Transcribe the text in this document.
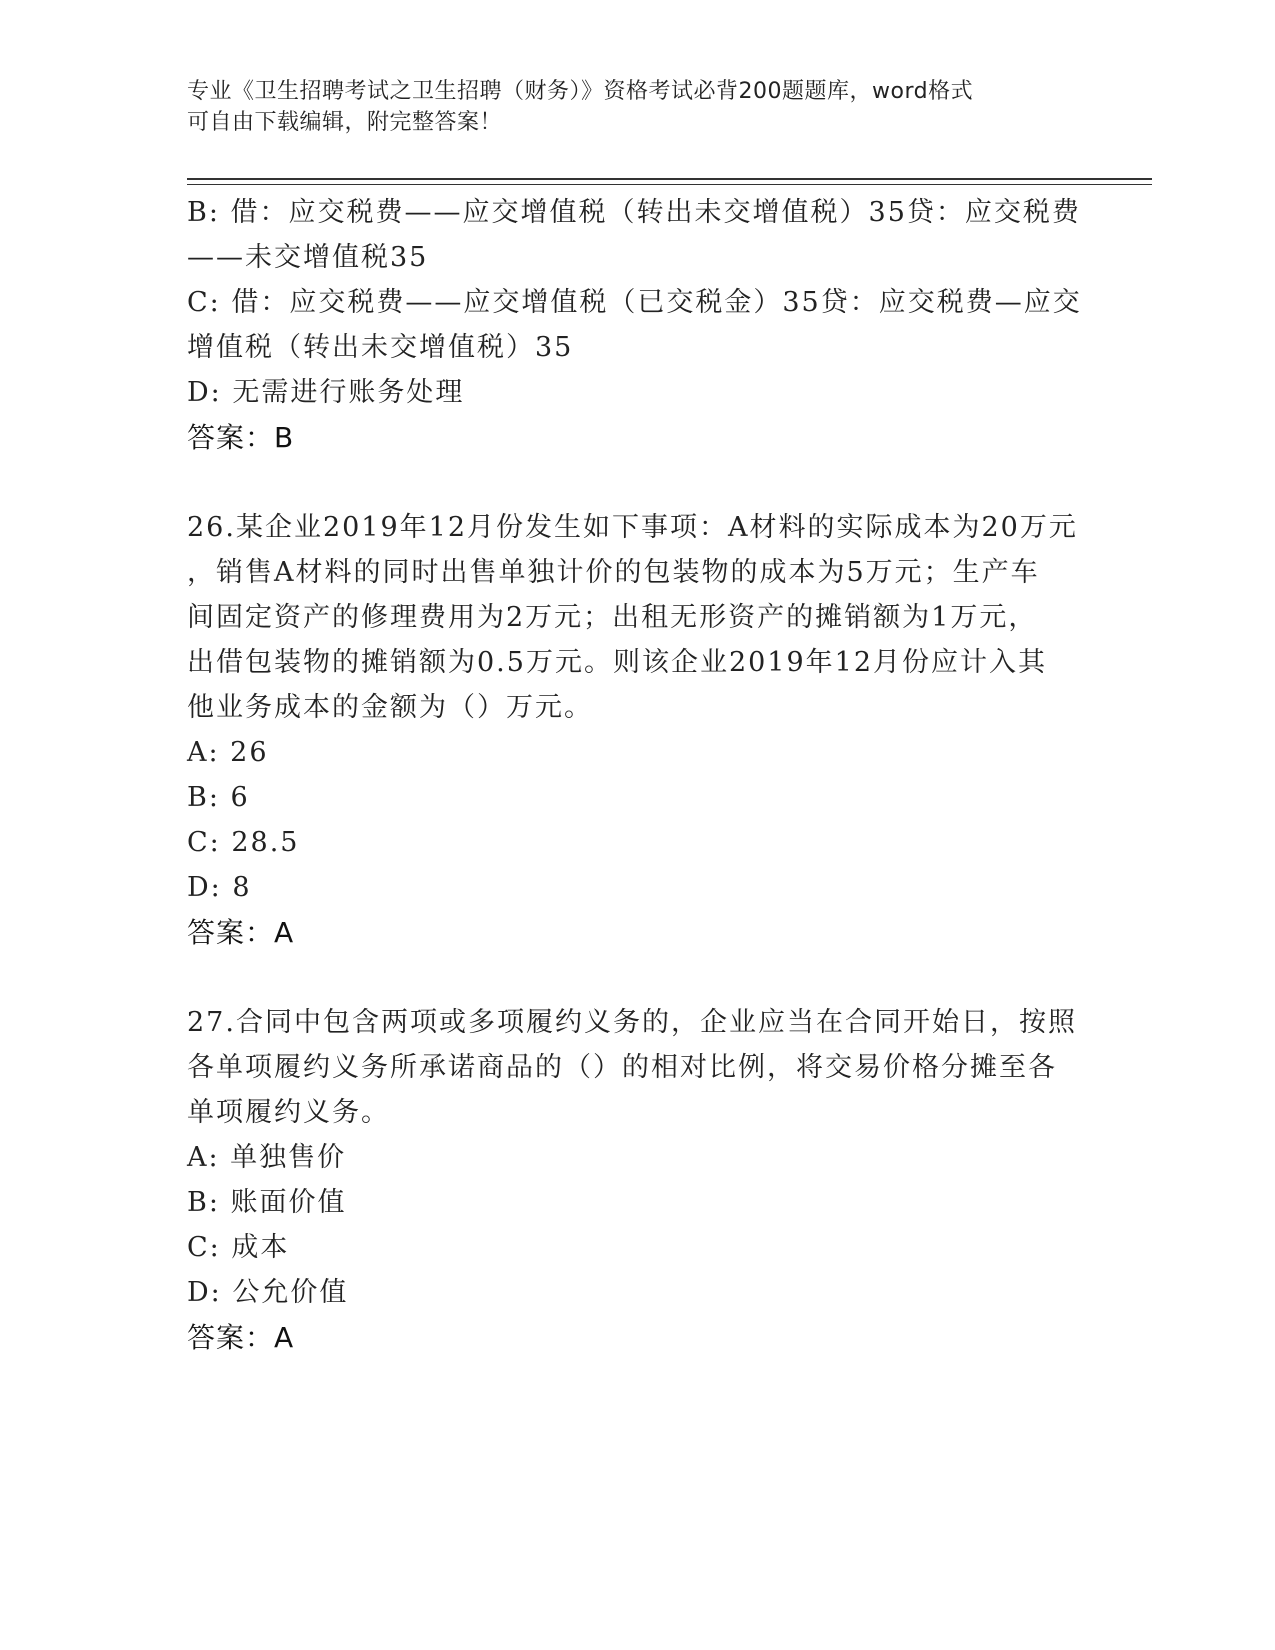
专业《卫生招聘考试之卫生招聘（财务）》资格考试必背200题题库，word格式
可自由下载编辑，附完整答案！
B: 借：应交税费——应交增值税（转出未交增值税）35贷：应交税费
——未交增值税35
C: 借：应交税费——应交增值税（已交税金）35贷：应交税费—应交
增值税（转出未交增值税）35
D: 无需进行账务处理
答案：B
26.某企业2019年12月份发生如下事项：A材料的实际成本为20万元
，销售A材料的同时出售单独计价的包装物的成本为5万元；生产车
间固定资产的修理费用为2万元；出租无形资产的摊销额为1万元，
出借包装物的摊销额为0.5万元。则该企业2019年12月份应计入其
他业务成本的金额为（）万元。
A: 26
B: 6
C: 28.5
D: 8
答案：A
27.合同中包含两项或多项履约义务的，企业应当在合同开始日，按照
各单项履约义务所承诺商品的（）的相对比例，将交易价格分摊至各
单项履约义务。
A: 单独售价
B: 账面价值
C: 成本
D: 公允价值
答案：A
